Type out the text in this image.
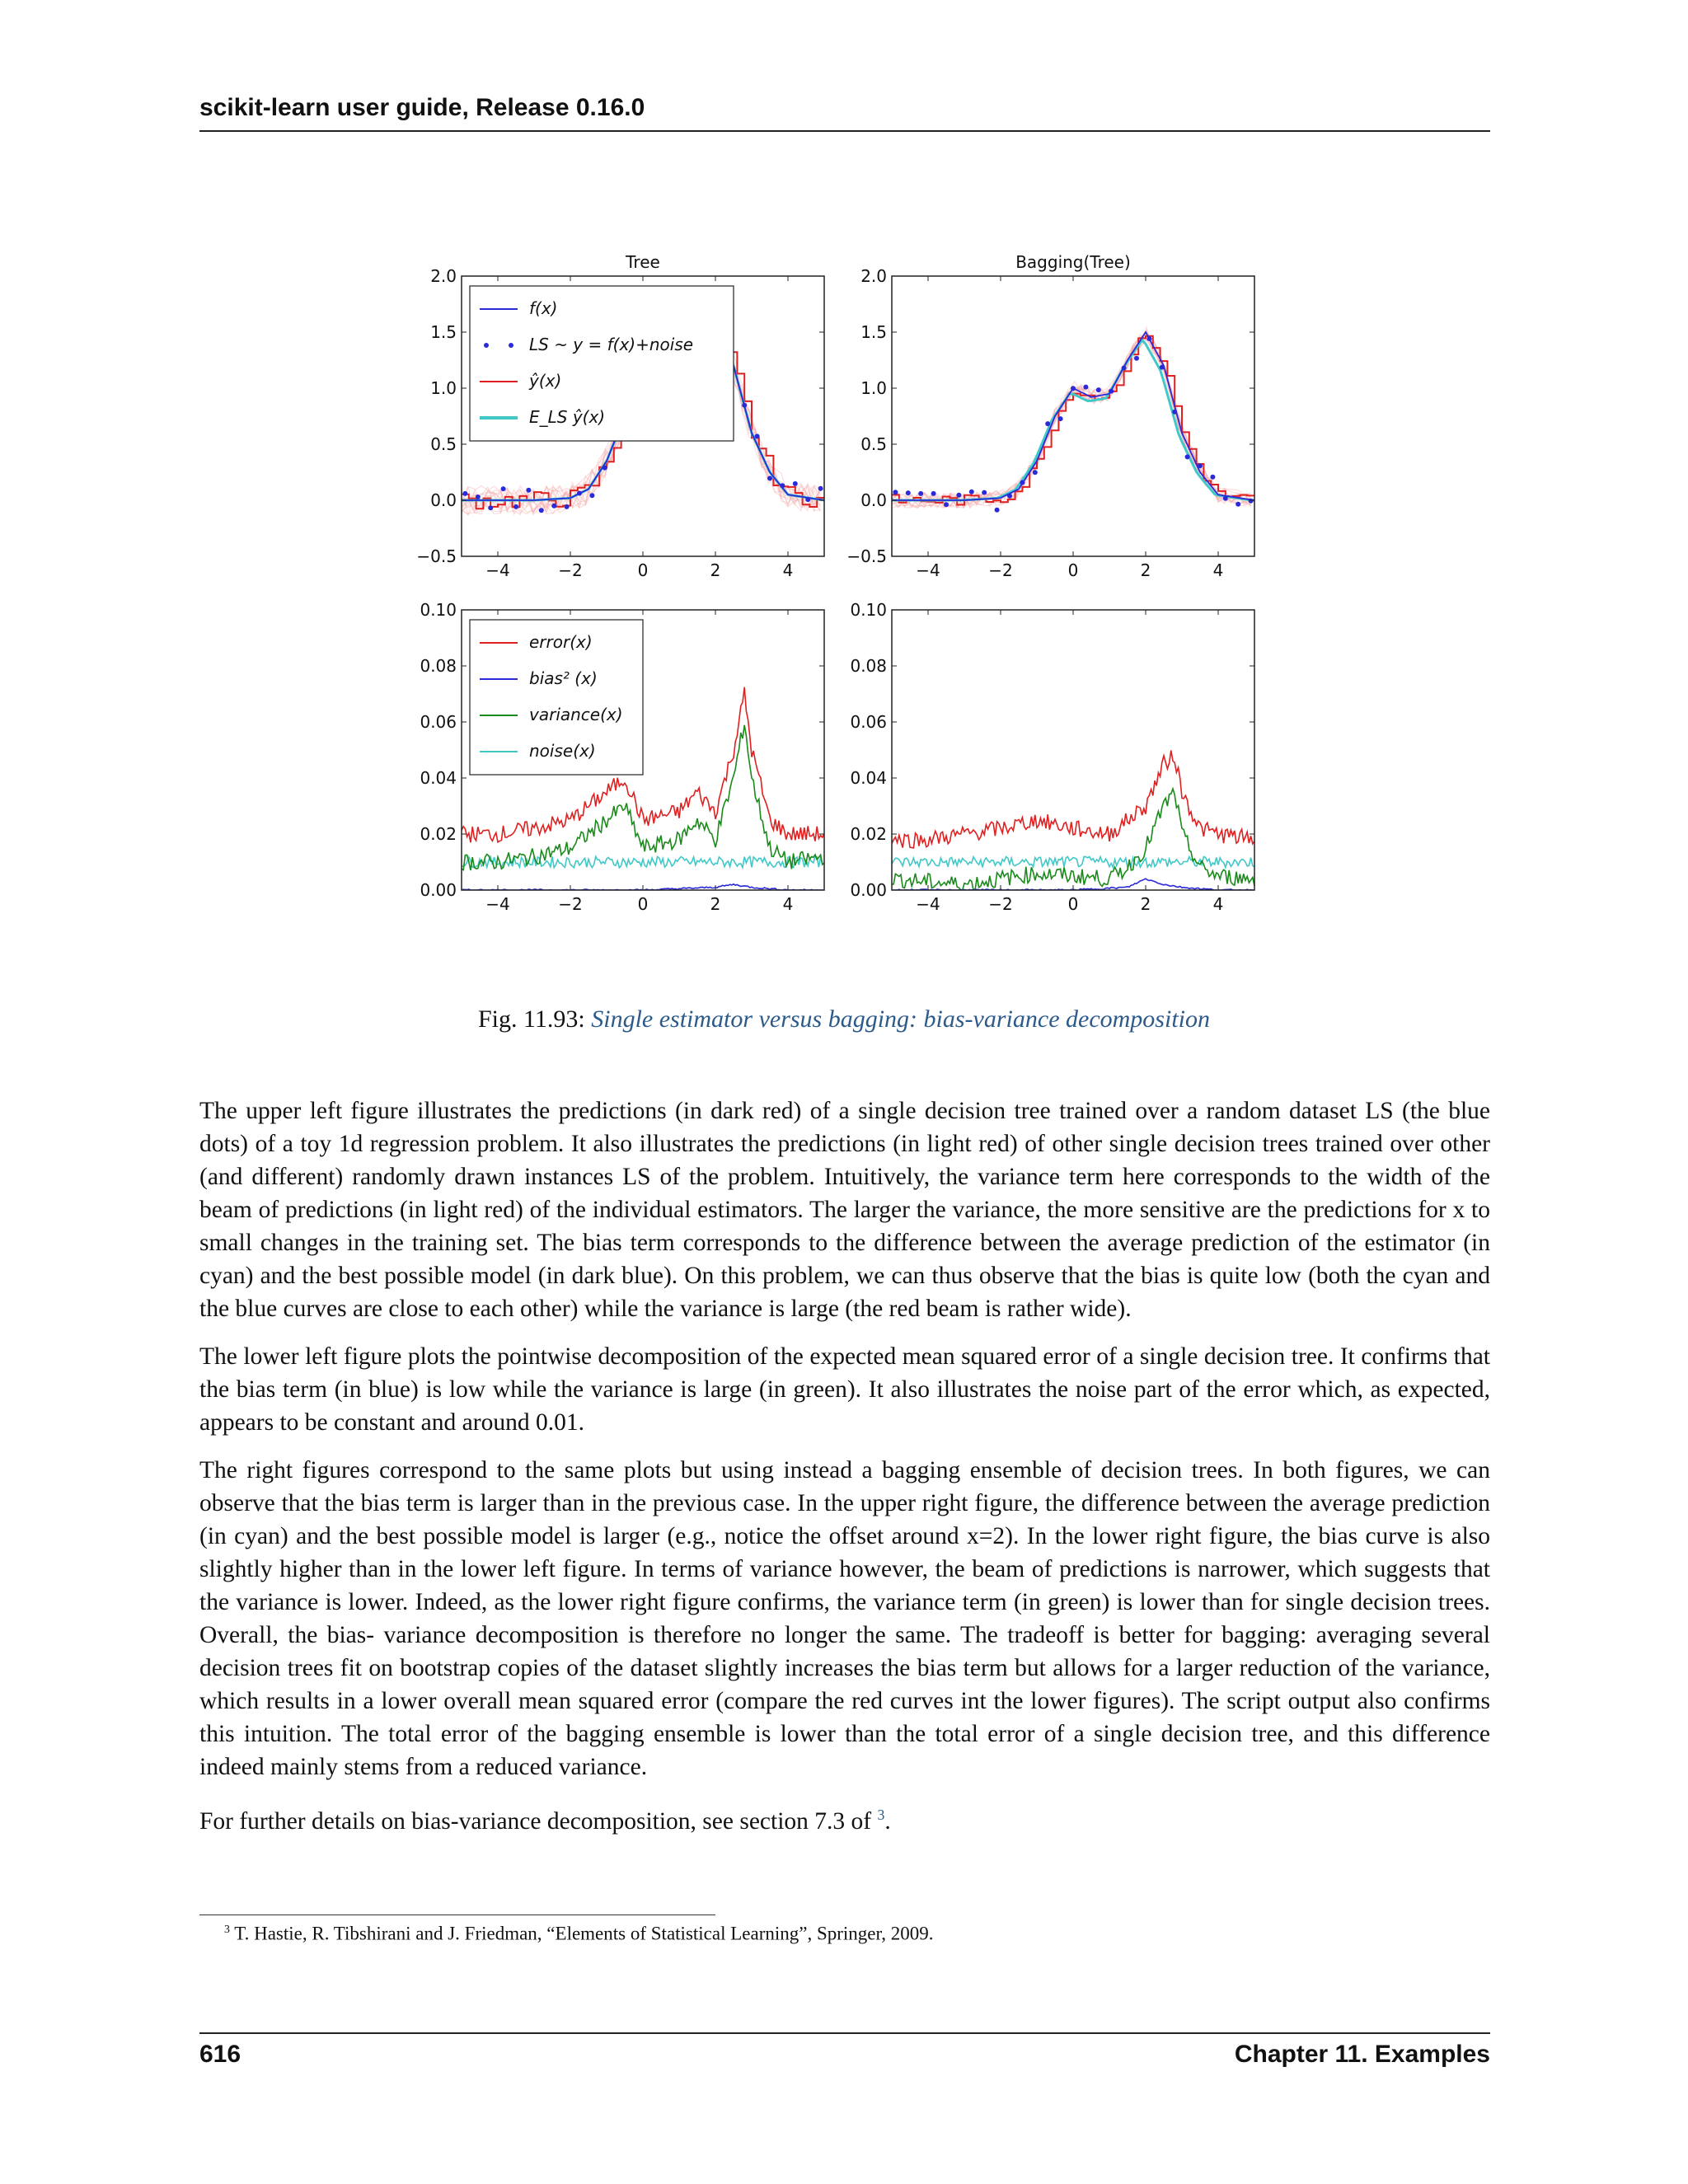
scikit-learn user guide, Release 0.16.0
−4	−2	0	2	4
−0.5
0.0
0.5
1.0
1.5
2.0
Tree
f(x)
LS ~ y = f(x)+noise
ŷ(x)
E_LS ŷ(x)
−4	−2	0	2	4
−0.5
0.0
0.5
1.0
1.5
2.0
Bagging(Tree)
−4	−2	0	2	4
0.00
0.02
0.04
0.06
0.08
0.10
error(x)
bias² (x)
variance(x)
noise(x)
−4	−2	0	2	4
0.00
0.02
0.04
0.06
0.08
0.10
Fig. 11.93: Single estimator versus bagging: bias-variance decomposition

The upper left figure illustrates the predictions (in dark red) of a single decision tree trained over a random dataset LS (the blue dots) of a toy 1d regression problem. It also illustrates the predictions (in light red) of other single decision trees trained over other (and different) randomly drawn instances LS of the problem. Intuitively, the variance term here corresponds to the width of the beam of predictions (in light red) of the individual estimators. The larger the variance, the more sensitive are the predictions for x to small changes in the training set. The bias term corresponds to the difference between the average prediction of the estimator (in cyan) and the best possible model (in dark blue). On this problem, we can thus observe that the bias is quite low (both the cyan and the blue curves are close to each other) while the variance is large (the red beam is rather wide).

The lower left figure plots the pointwise decomposition of the expected mean squared error of a single decision tree. It confirms that the bias term (in blue) is low while the variance is large (in green). It also illustrates the noise part of the error which, as expected, appears to be constant and around 0.01.

The right figures correspond to the same plots but using instead a bagging ensemble of decision trees. In both figures, we can observe that the bias term is larger than in the previous case. In the upper right figure, the difference between the average prediction (in cyan) and the best possible model is larger (e.g., notice the offset around x=2). In the lower right figure, the bias curve is also slightly higher than in the lower left figure. In terms of variance however, the beam of predictions is narrower, which suggests that the variance is lower. Indeed, as the lower right figure confirms, the variance term (in green) is lower than for single decision trees. Overall, the bias- variance decomposition is therefore no longer the same. The tradeoff is better for bagging: averaging several decision trees fit on bootstrap copies of the dataset slightly increases the bias term but allows for a larger reduction of the variance, which results in a lower overall mean squared error (compare the red curves int the lower figures). The script output also confirms this intuition. The total error of the bagging ensemble is lower than the total error of a single decision tree, and this difference indeed mainly stems from a reduced variance.

For further details on bias-variance decomposition, see section 7.3 of $^3$.

$^3$ T. Hastie, R. Tibshirani and J. Friedman, “Elements of Statistical Learning”, Springer, 2009.
616	Chapter 11. Examples
